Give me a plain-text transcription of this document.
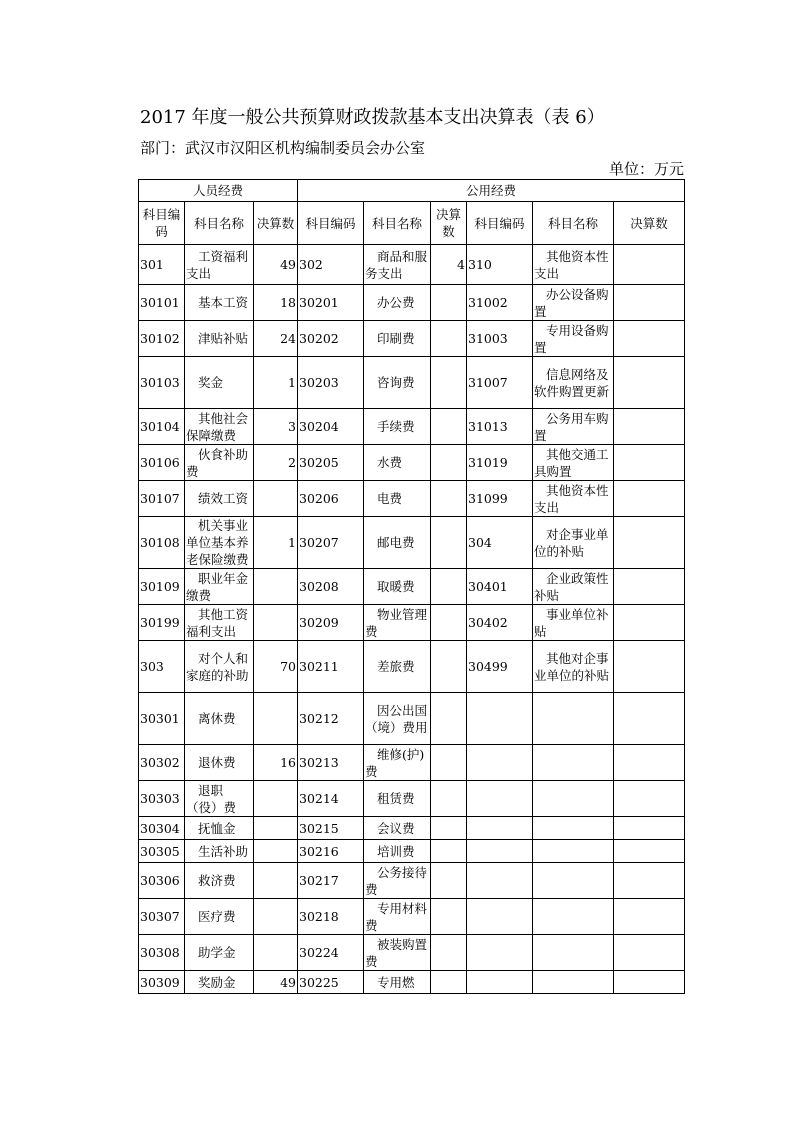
2017 年度一般公共预算财政拨款基本支出决算表（表 6）
部门：武汉市汉阳区机构编制委员会办公室
单位：万元
人员经费			公用经费					
科目编码	科目名称	决算数	科目编码	科目名称	决算数	科目编码	科目名称	决算数
301	工资福利支出	49	302	商品和服务支出	4	310	其他资本性支出	
30101	基本工资	18	30201	办公费		31002	办公设备购置	
30102	津贴补贴	24	30202	印刷费		31003	专用设备购置	
30103	奖金	1	30203	咨询费		31007	信息网络及软件购置更新	
30104	其他社会保障缴费	3	30204	手续费		31013	公务用车购置	
30106	伙食补助费	2	30205	水费		31019	其他交通工具购置	
30107	绩效工资		30206	电费		31099	其他资本性支出	
30108	机关事业单位基本养老保险缴费	1	30207	邮电费		304	对企事业单位的补贴	
30109	职业年金缴费		30208	取暖费		30401	企业政策性补贴	
30199	其他工资福利支出		30209	物业管理费		30402	事业单位补贴	
303	对个人和家庭的补助	70	30211	差旅费		30499	其他对企事业单位的补贴	
30301	离休费		30212	因公出国（境）费用				
30302	退休费	16	30213	维修(护)费				
30303	退职（役）费		30214	租赁费				
30304	抚恤金		30215	会议费				
30305	生活补助		30216	培训费				
30306	救济费		30217	公务接待费				
30307	医疗费		30218	专用材料费				
30308	助学金		30224	被装购置费				
30309	奖励金	49	30225	专用燃				
